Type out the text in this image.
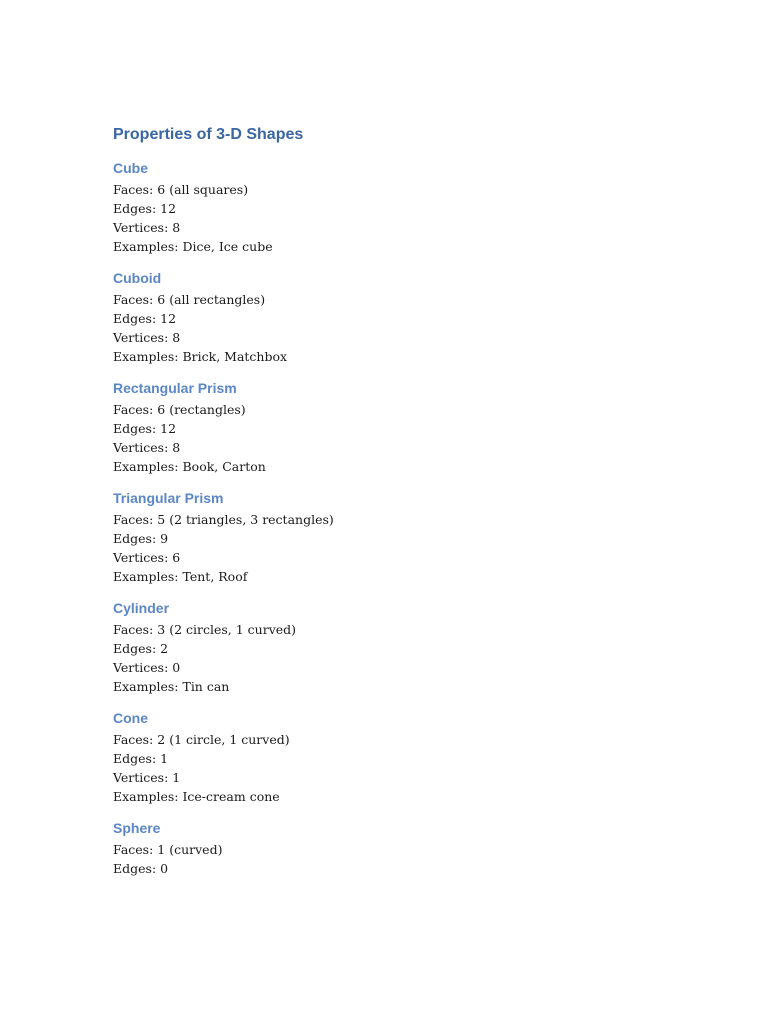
Properties of 3-D Shapes
Cube

Faces: 6 (all squares)

Edges: 12

Vertices: 8

Examples: Dice, Ice cube

Cuboid

Faces: 6 (all rectangles)

Edges: 12

Vertices: 8

Examples: Brick, Matchbox

Rectangular Prism

Faces: 6 (rectangles)

Edges: 12

Vertices: 8

Examples: Book, Carton

Triangular Prism

Faces: 5 (2 triangles, 3 rectangles)

Edges: 9

Vertices: 6

Examples: Tent, Roof

Cylinder

Faces: 3 (2 circles, 1 curved)

Edges: 2

Vertices: 0

Examples: Tin can

Cone

Faces: 2 (1 circle, 1 curved)

Edges: 1

Vertices: 1

Examples: Ice-cream cone

Sphere

Faces: 1 (curved)

Edges: 0
